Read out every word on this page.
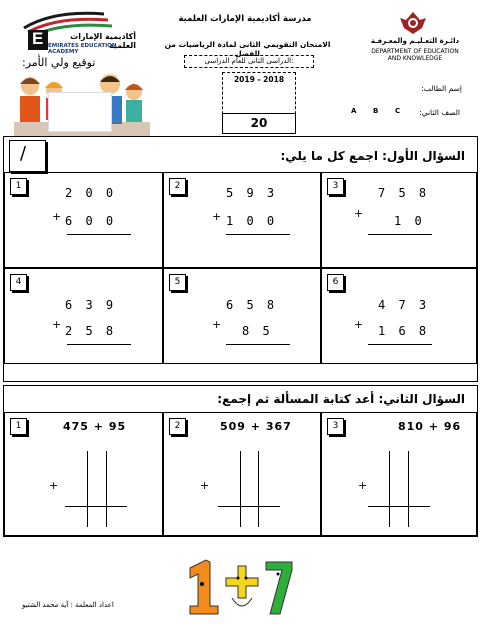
E	أكاديمية الإمارات العلمية
EMIRATES EDUCATION ACADEMY
توقيع ولي الأمر:
مدرسة أكاديمية الإمارات العلمية
الامتحان التقويمي الثانى لمادة الرياضيات من الفصل
الدراسى الثانى للعام الدراسى:
2019 - 2018
20
دائـرة التعـليـم والمعـرفـة
DEPARTMENT OF EDUCATION
AND KNOWLEDGE
إسم الطالب:
الصف الثاني:
A B C
/	السؤال الأول: اجمع كل ما يلي:
1	2 0 0
+ 6 0 0
2	5 9 3
+ 1 0 0
3	7 5 8
+
1 0
4
6 3 9
+ 2 5 8
5
6 5 8
+ 8 5
6
4 7 3
+ 1 6 8
السؤال الثاني: أعد كتابة المسألة ثم إجمع:
1	475 + 95
+
2	509 + 367
+
3	810 + 96
+
اعداد المعلمة : آية محمد الشتيو
